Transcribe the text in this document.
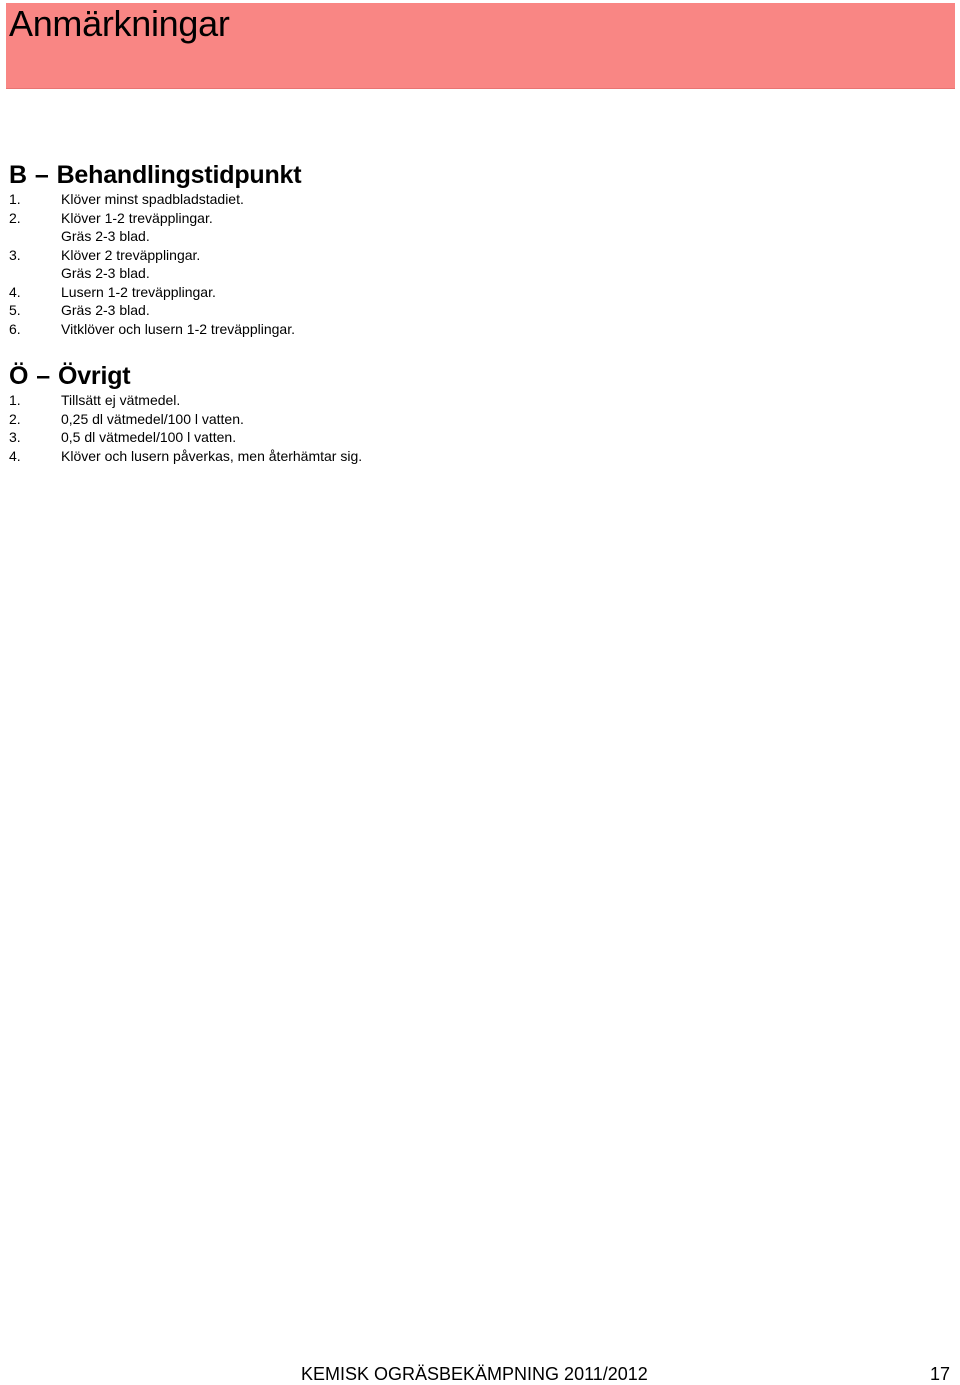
Anmärkningar
B – Behandlingstidpunkt
1.	Klöver minst spadbladstadiet.
2.	Klöver 1-2 treväpplingar.
Gräs 2-3 blad.
3.	Klöver 2 treväpplingar.
Gräs 2-3 blad.
4.	Lusern 1-2 treväpplingar.
5.	Gräs 2-3 blad.
6.	Vitklöver och lusern 1-2 treväpplingar.
Ö – Övrigt
1.	Tillsätt ej vätmedel.
2.	0,25 dl vätmedel/100 l vatten.
3.	0,5 dl vätmedel/100 l vatten.
4.	Klöver och lusern påverkas, men återhämtar sig.
KEMISK OGRÄSBEKÄMPNING 2011/2012	17
